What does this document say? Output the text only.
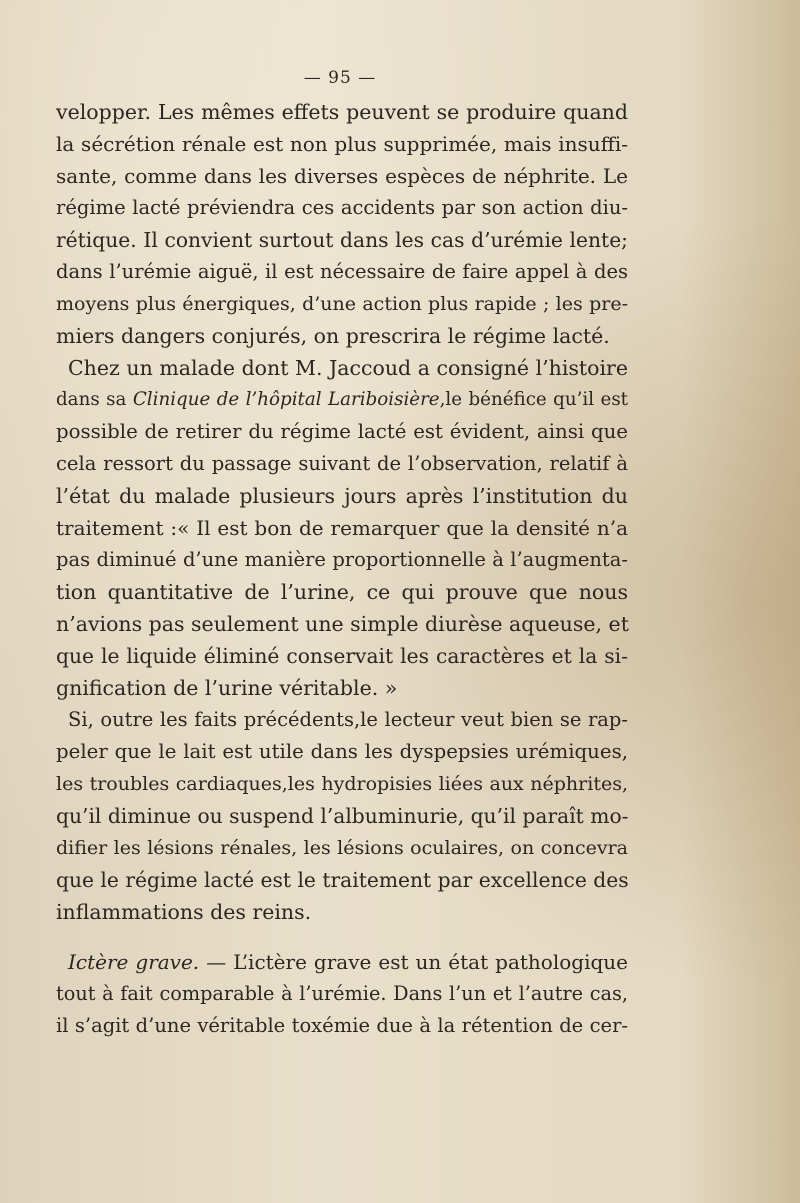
— 95 —
velopper. Les mêmes effets peuvent se produire quand
la sécrétion rénale est non plus supprimée, mais insuffi-
sante, comme dans les diverses espèces de néphrite. Le
régime lacté préviendra ces accidents par son action diu-
rétique. Il convient surtout dans les cas d’urémie lente;
dans l’urémie aiguë, il est nécessaire de faire appel à des
moyens plus énergiques, d’une action plus rapide ; les pre-
miers dangers conjurés, on prescrira le régime lacté.
Chez un malade dont M. Jaccoud a consigné l’histoire
dans sa Clinique de l’hôpital Lariboisière,le bénéfice qu’il est
possible de retirer du régime lacté est évident, ainsi que
cela ressort du passage suivant de l’observation, relatif à
l’état du malade plusieurs jours après l’institution du
traitement :« Il est bon de remarquer que la densité n’a
pas diminué d’une manière proportionnelle à l’augmenta-
tion quantitative de l’urine, ce qui prouve que nous
n’avions pas seulement une simple diurèse aqueuse, et
que le liquide éliminé conservait les caractères et la si-
gnification de l’urine véritable. »
Si, outre les faits précédents,le lecteur veut bien se rap-
peler que le lait est utile dans les dyspepsies urémiques,
les troubles cardiaques,les hydropisies liées aux néphrites,
qu’il diminue ou suspend l’albuminurie, qu’il paraît mo-
difier les lésions rénales, les lésions oculaires, on concevra
que le régime lacté est le traitement par excellence des
inflammations des reins.
Ictère grave. — L’ictère grave est un état pathologique
tout à fait comparable à l’urémie. Dans l’un et l’autre cas,
il s’agit d’une véritable toxémie due à la rétention de cer-
